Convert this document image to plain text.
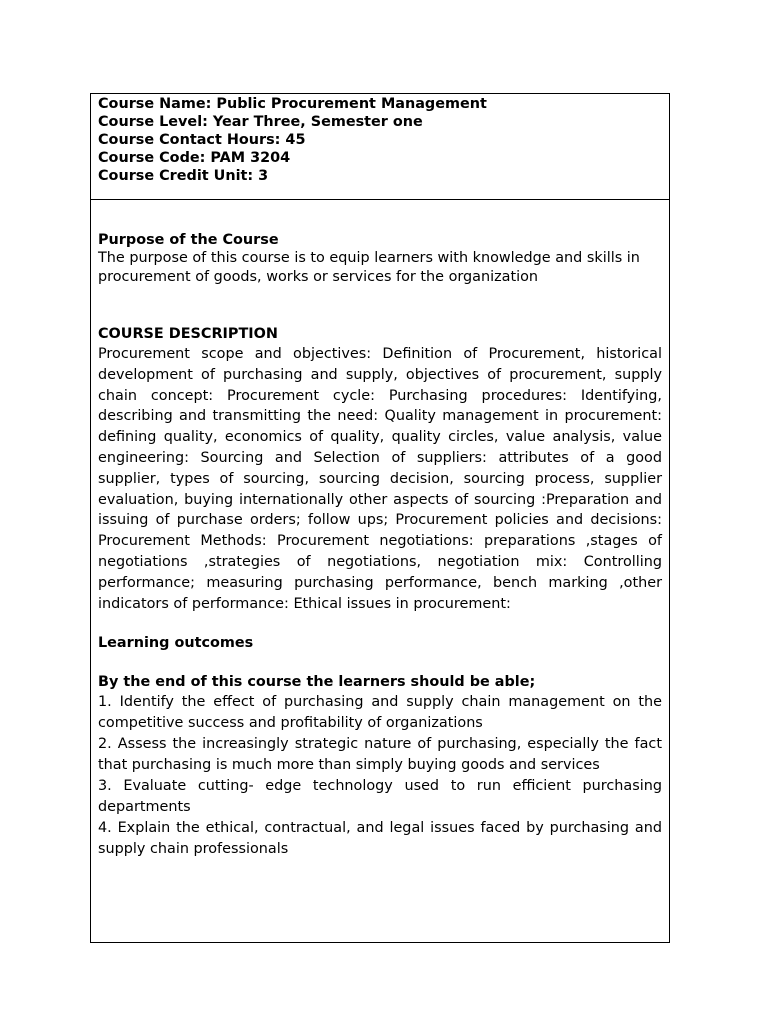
Course Name: Public Procurement Management
Course Level: Year Three, Semester one
Course Contact Hours: 45
Course Code: PAM 3204
Course Credit Unit: 3
Purpose of the Course
The purpose of this course is to equip learners with knowledge and skills in procurement of goods, works or services for the organization
COURSE DESCRIPTION
Procurement scope and objectives: Definition of Procurement, historical development of purchasing and supply, objectives of procurement, supply chain concept: Procurement cycle: Purchasing procedures: Identifying, describing and transmitting the need: Quality management in procurement: defining quality, economics of quality, quality circles, value analysis, value engineering: Sourcing and Selection of suppliers: attributes of a good supplier, types of sourcing, sourcing decision, sourcing process, supplier evaluation, buying internationally other aspects of sourcing :Preparation and issuing of purchase orders; follow ups; Procurement policies and decisions: Procurement Methods: Procurement negotiations: preparations ,stages of negotiations ,strategies of negotiations, negotiation mix: Controlling performance; measuring purchasing performance, bench marking ,other indicators of performance: Ethical issues in procurement:
Learning outcomes
By the end of this course the learners should be able;
1. Identify the effect of purchasing and supply chain management on the competitive success and profitability of organizations
2. Assess the increasingly strategic nature of purchasing, especially the fact that purchasing is much more than simply buying goods and services
3. Evaluate cutting- edge technology used to run efficient purchasing departments
4. Explain the ethical, contractual, and legal issues faced by purchasing and supply chain professionals
